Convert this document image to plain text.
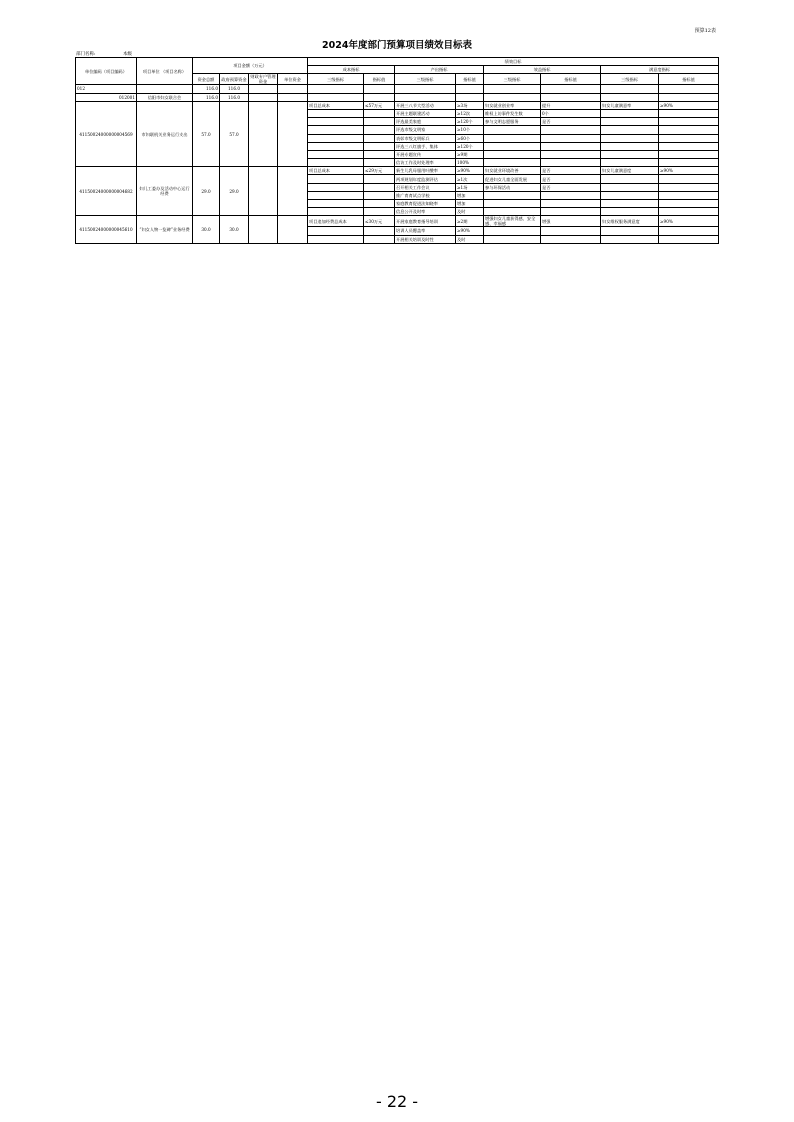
预算12表
2024年度部门预算项目绩效目标表
部门名称:	本级
单位编码（项目编码）	项目单位 （项目名称）	项目金额（万元）				绩效目标							
						成本指标		产出指标		效益指标		满意度指标	
		资金总额	政府预算资金	财政专户管理资金	单位资金	三级指标	指标值	三级指标	指标值	三级指标	指标值	三级指标	指标值
012		116.0	116.0										
012001	信阳市妇女联合会	116.0	116.0										
41150024000000004569	市妇联机关业务运行支出	57.0	57.0			项目总成本	≤57万元	开展三八节大型活动	≥3场	妇女就业创业率	提升	妇女儿童满意率	≥90%
								开展主题联建活动	≥12次	维权上访事件发生数	0个		
								评选最美家庭	≥120个	参与文明志愿服务	是否		
								评选市级文明家	≥10个				
								表彰市级文明标兵	≥60个				
								评选三八红旗手、集体	≥120个				
								开展专题宣传	≥9期				
								信访工作及时处理率	100%				
41150024000000004682	妇儿工委办及活动中心运行经费	29.0	29.0			项目总成本	≤29万元	新生儿乳母服用叶酸率	≥90%	妇女就业环境改善	是否	妇女儿童满意度	≥90%
								两项规划年度监测评估	≥1次	促进妇女儿童全面发展	是否		
								召开相关工作会议	≥1场	参与环保活动	是否		
								推广育育试点学校	增加				
								家庭教育促进法知晓率	增加				
								信息公开及时率	及时				
41150024000000045610	“妇女人物一览碑”业务经费	30.0	30.0			项目追加经费总成本	≤30万元	开展家庭教育指导培训	≥2期	增强妇女儿童获得感、安全感、幸福感	增强	妇女维权服务满意度	≥90%
								培训人员覆盖率	≥90%				
								开展相关培训及时性	及时				
- 22 -
